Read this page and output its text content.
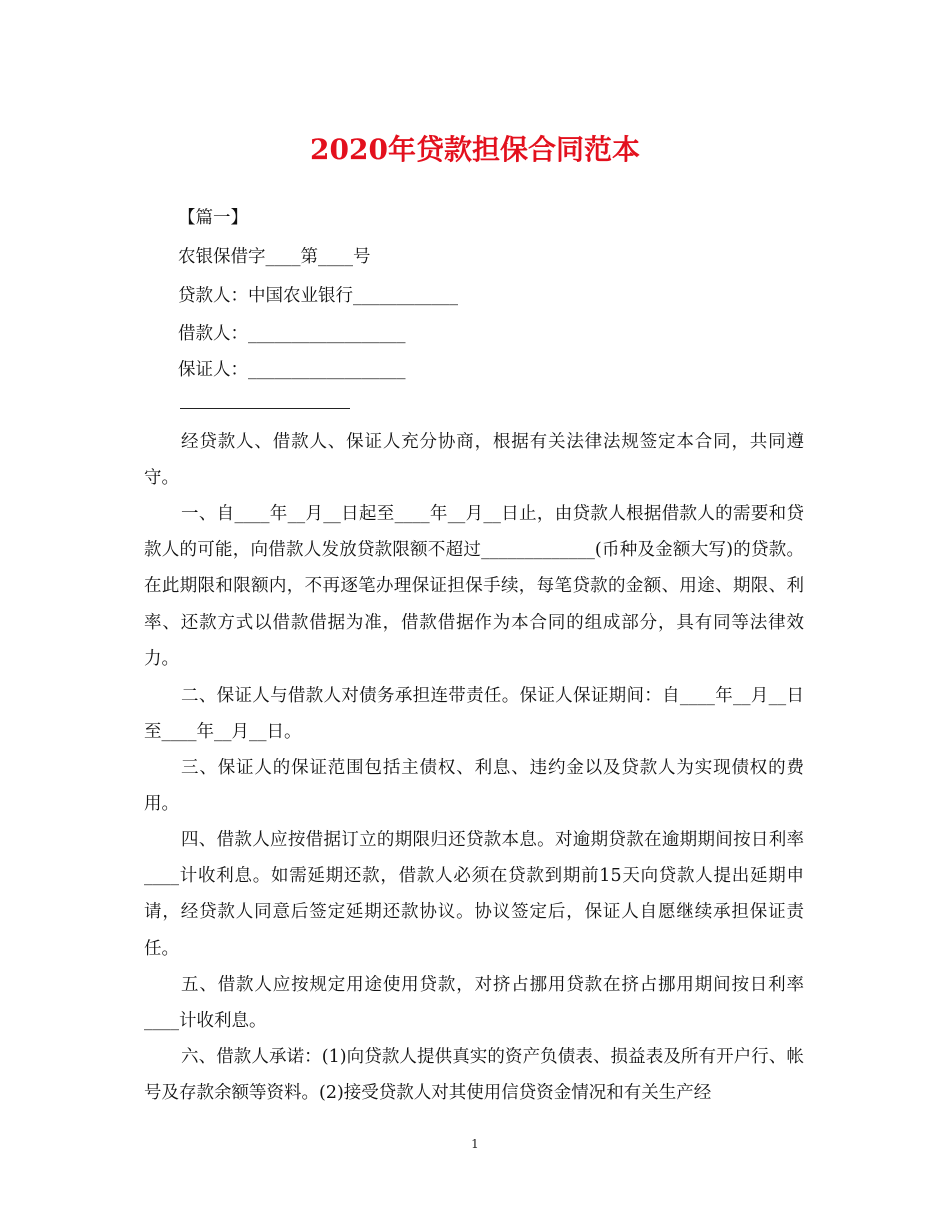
2020年贷款担保合同范本
【篇一】
农银保借字____第____号
贷款人：中国农业银行____________
借款人：__________________
保证人：__________________

经贷款人、借款人、保证人充分协商，根据有关法律法规签定本合同，共同遵守。

一、自____年__月__日起至____年__月__日止，由贷款人根据借款人的需要和贷款人的可能，向借款人发放贷款限额不超过_____________(币种及金额大写)的贷款。在此期限和限额内，不再逐笔办理保证担保手续，每笔贷款的金额、用途、期限、利率、还款方式以借款借据为准，借款借据作为本合同的组成部分，具有同等法律效力。

二、保证人与借款人对债务承担连带责任。保证人保证期间：自____年__月__日至____年__月__日。

三、保证人的保证范围包括主债权、利息、违约金以及贷款人为实现债权的费用。

四、借款人应按借据订立的期限归还贷款本息。对逾期贷款在逾期期间按日利率____计收利息。如需延期还款，借款人必须在贷款到期前15天向贷款人提出延期申请，经贷款人同意后签定延期还款协议。协议签定后，保证人自愿继续承担保证责任。

五、借款人应按规定用途使用贷款，对挤占挪用贷款在挤占挪用期间按日利率____计收利息。

六、借款人承诺：(1)向贷款人提供真实的资产负债表、损益表及所有开户行、帐号及存款余额等资料。(2)接受贷款人对其使用信贷资金情况和有关生产经

1
